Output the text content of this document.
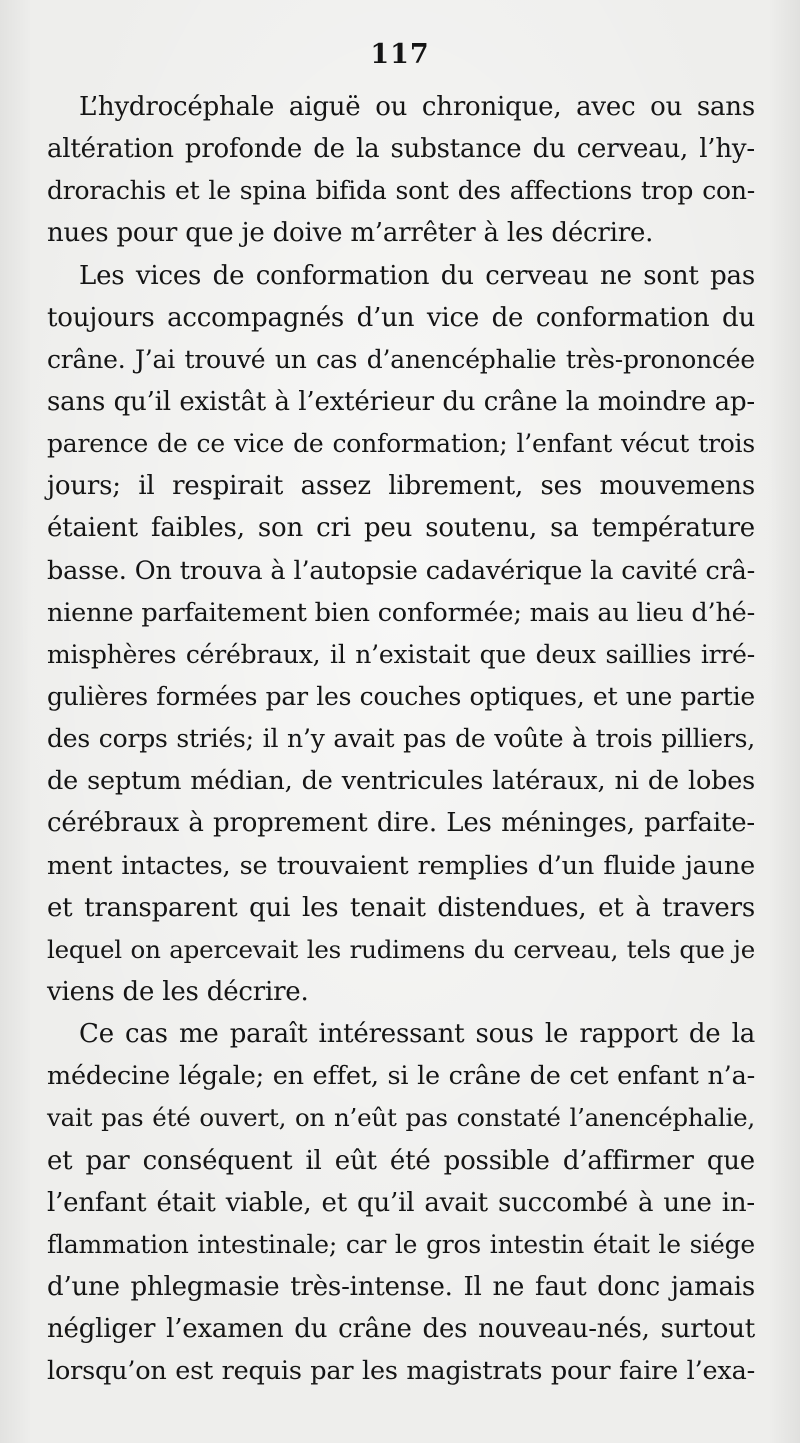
117
L’hydrocéphale aiguë ou chronique, avec ou sans
altération profonde de la substance du cerveau, l’hy-
drorachis et le spina bifida sont des affections trop con-
nues pour que je doive m’arrêter à les décrire.
Les vices de conformation du cerveau ne sont pas
toujours accompagnés d’un vice de conformation du
crâne. J’ai trouvé un cas d’anencéphalie très-prononcée
sans qu’il existât à l’extérieur du crâne la moindre ap-
parence de ce vice de conformation; l’enfant vécut trois
jours; il respirait assez librement, ses mouvemens
étaient faibles, son cri peu soutenu, sa température
basse. On trouva à l’autopsie cadavérique la cavité crâ-
nienne parfaitement bien conformée; mais au lieu d’hé-
misphères cérébraux, il n’existait que deux saillies irré-
gulières formées par les couches optiques, et une partie
des corps striés; il n’y avait pas de voûte à trois pilliers,
de septum médian, de ventricules latéraux, ni de lobes
cérébraux à proprement dire. Les méninges, parfaite-
ment intactes, se trouvaient remplies d’un fluide jaune
et transparent qui les tenait distendues, et à travers
lequel on apercevait les rudimens du cerveau, tels que je
viens de les décrire.
Ce cas me paraît intéressant sous le rapport de la
médecine légale; en effet, si le crâne de cet enfant n’a-
vait pas été ouvert, on n’eût pas constaté l’anencéphalie,
et par conséquent il eût été possible d’affirmer que
l’enfant était viable, et qu’il avait succombé à une in-
flammation intestinale; car le gros intestin était le siége
d’une phlegmasie très-intense. Il ne faut donc jamais
négliger l’examen du crâne des nouveau-nés, surtout
lorsqu’on est requis par les magistrats pour faire l’exa-
